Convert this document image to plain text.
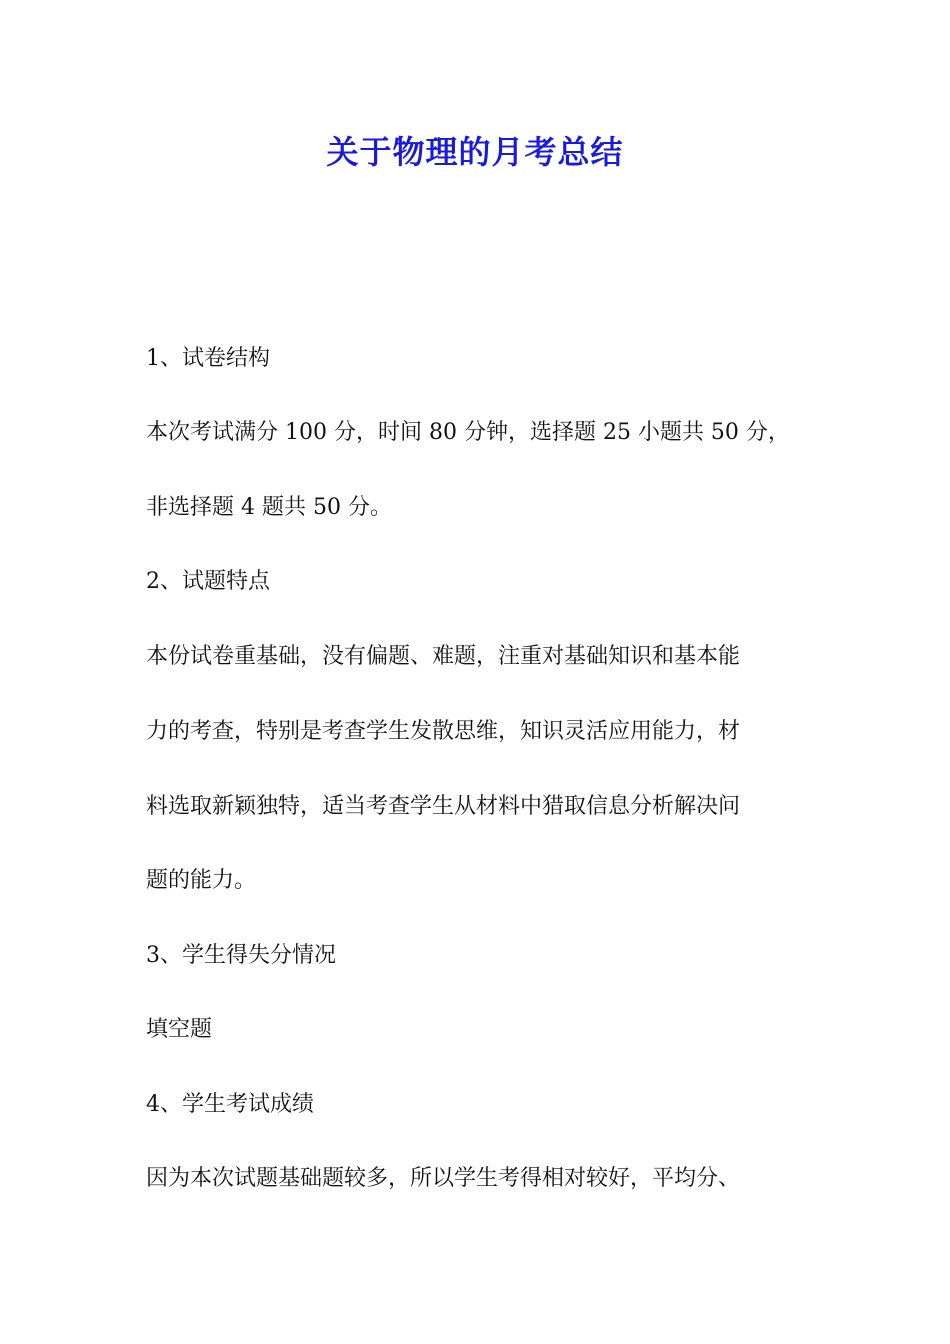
关于物理的月考总结
1、试卷结构
本次考试满分 100 分，时间 80 分钟，选择题 25 小题共 50 分，
非选择题 4 题共 50 分。
2、试题特点
本份试卷重基础，没有偏题、难题，注重对基础知识和基本能
力的考查，特别是考查学生发散思维，知识灵活应用能力，材
料选取新颖独特，适当考查学生从材料中猎取信息分析解决问
题的能力。
3、学生得失分情况
填空题
4、学生考试成绩
因为本次试题基础题较多，所以学生考得相对较好，平均分、
